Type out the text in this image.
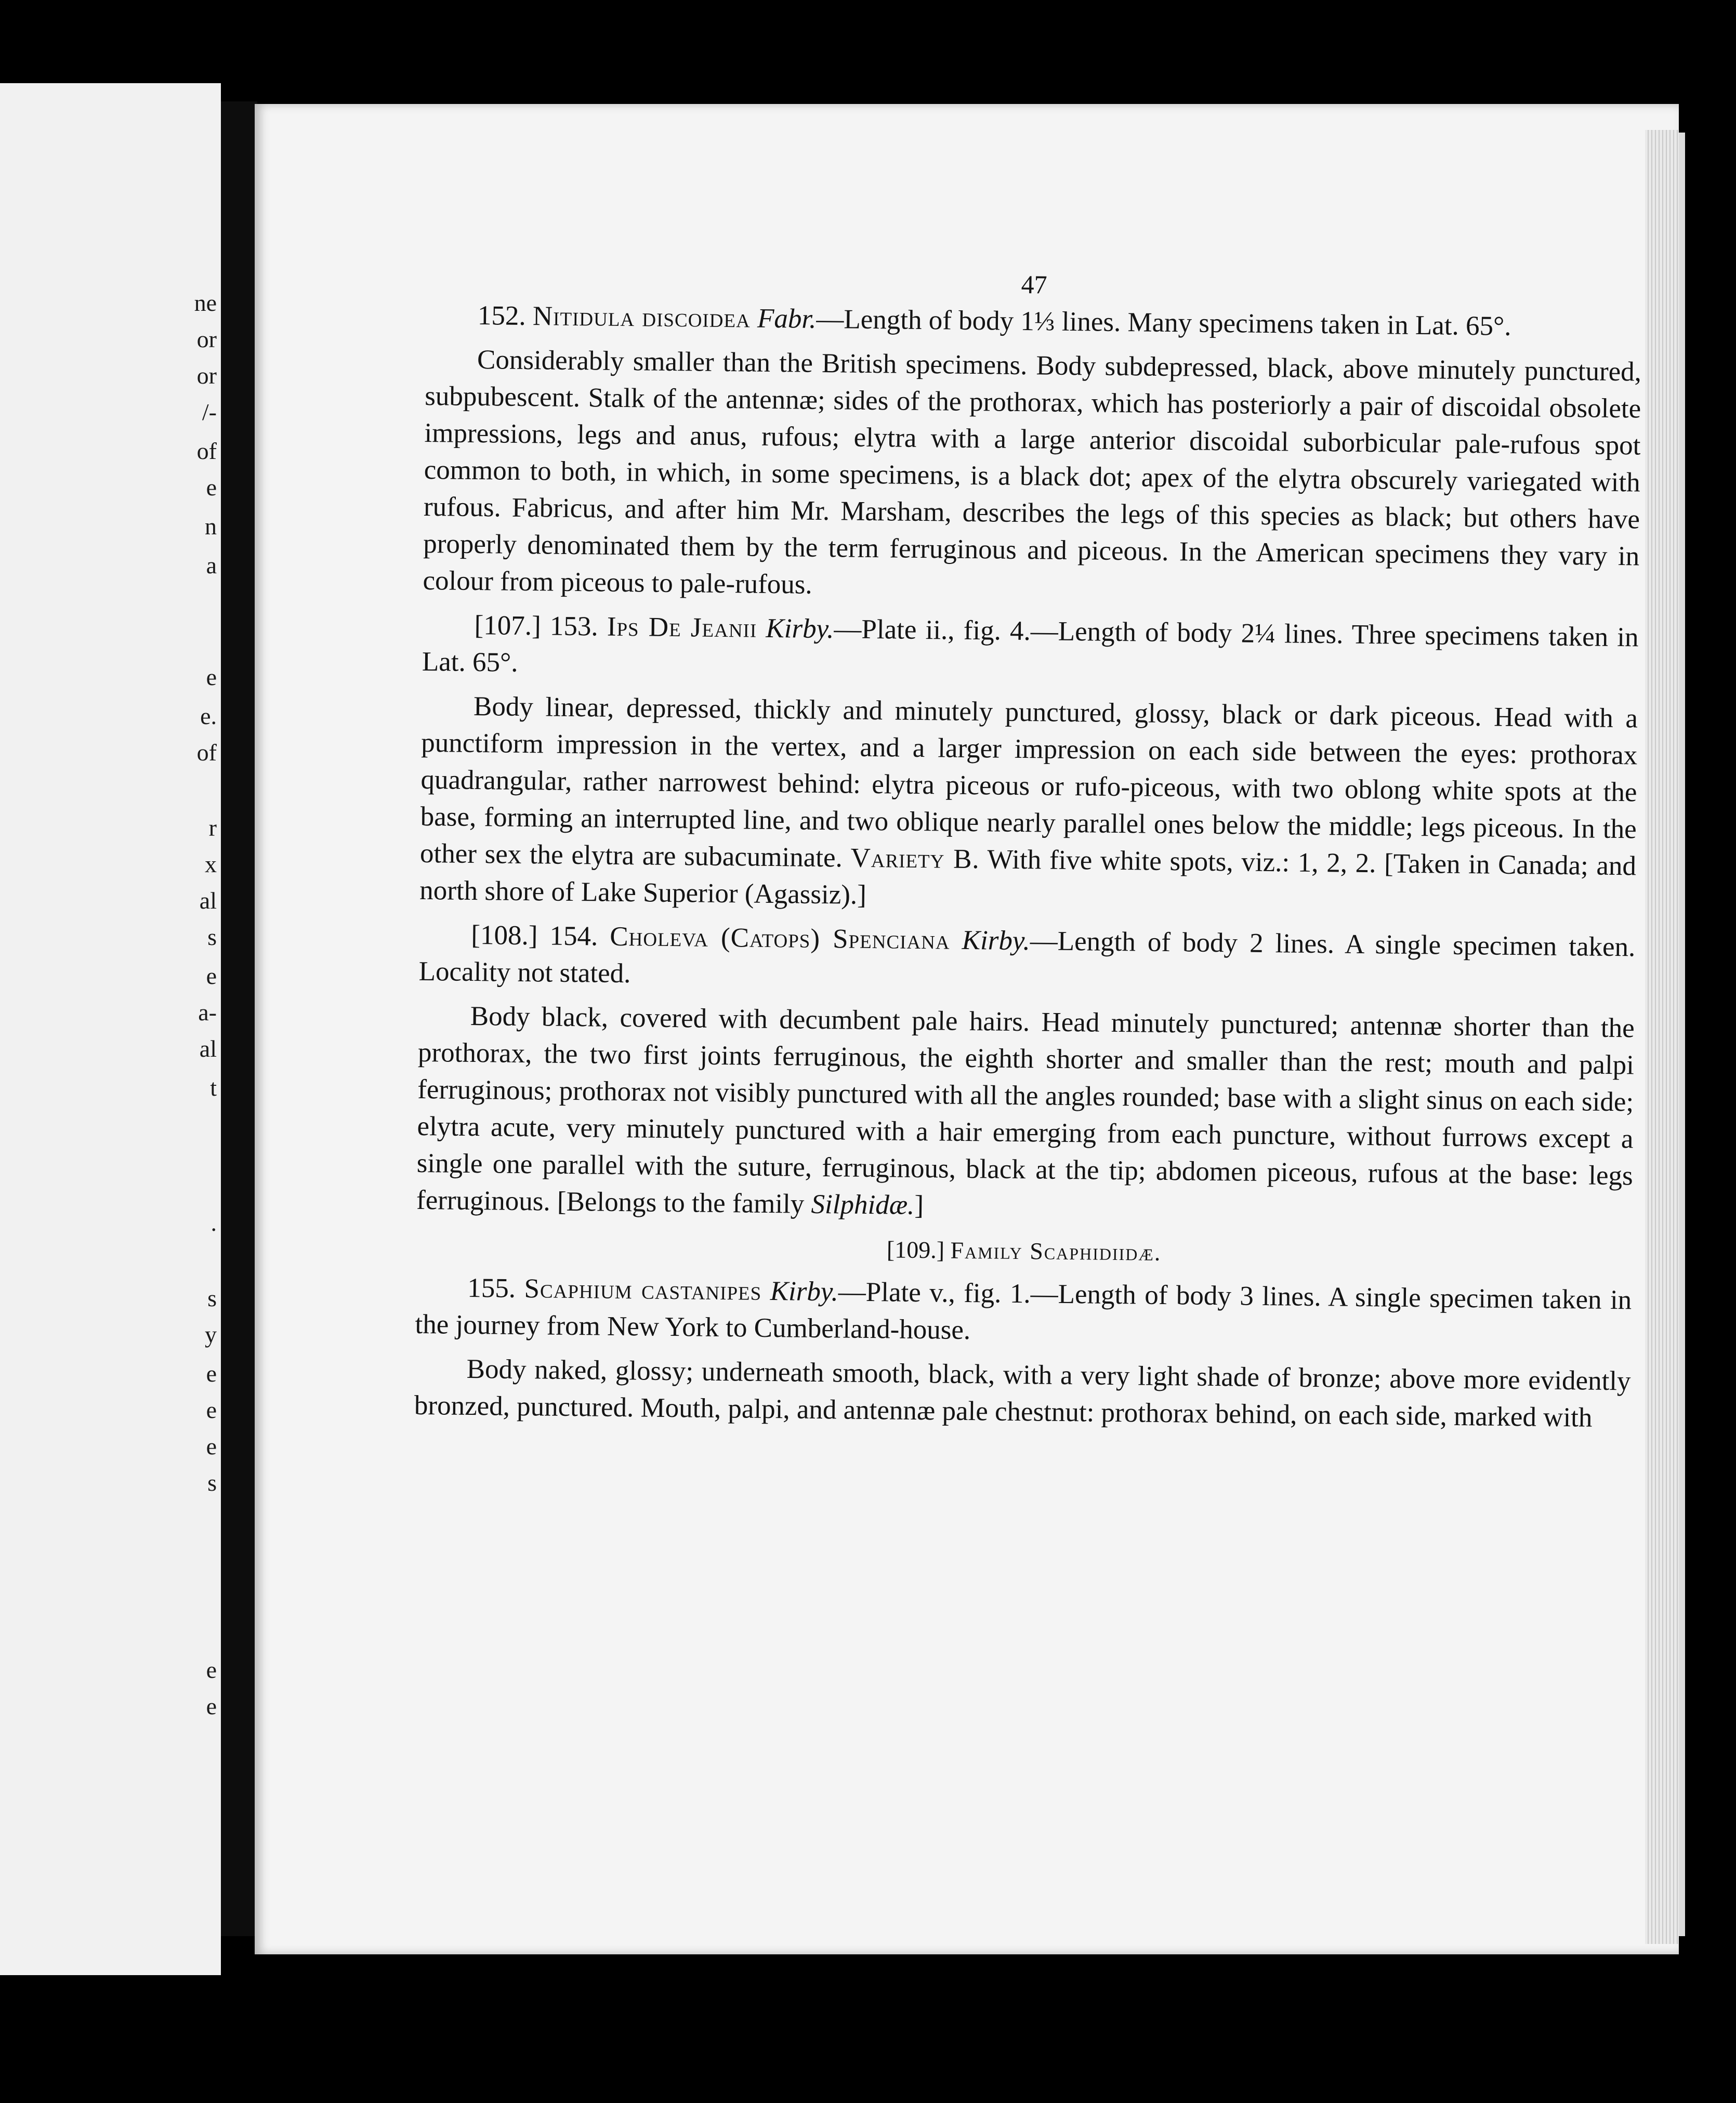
ne
or
or
/-
of
e
n
a
e
e.
of
r
x
al
s
e
a-
al
t
.
s
y
e
e
e
s
e
e
47

152. Nitidula discoidea Fabr.—Length of body 1⅓ lines. Many specimens taken in Lat. 65°.

Considerably smaller than the British specimens. Body subdepressed, black, above minutely punctured, subpubescent. Stalk of the antennæ; sides of the prothorax, which has posteriorly a pair of discoidal obsolete impressions, legs and anus, rufous; elytra with a large anterior discoidal suborbicular pale-rufous spot common to both, in which, in some specimens, is a black dot; apex of the elytra obscurely variegated with rufous. Fabricus, and after him Mr. Marsham, describes the legs of this species as black; but others have properly denominated them by the term ferruginous and piceous. In the American specimens they vary in colour from piceous to pale-rufous.

[107.] 153. Ips De Jeanii Kirby.—Plate ii., fig. 4.—Length of body 2¼ lines. Three specimens taken in Lat. 65°.

Body linear, depressed, thickly and minutely punctured, glossy, black or dark piceous. Head with a punctiform impression in the vertex, and a larger impression on each side between the eyes: prothorax quadrangular, rather narrowest behind: elytra piceous or rufo-piceous, with two oblong white spots at the base, forming an interrupted line, and two oblique nearly parallel ones below the middle; legs piceous. In the other sex the elytra are subacuminate. Variety B. With five white spots, viz.: 1, 2, 2. [Taken in Canada; and north shore of Lake Superior (Agassiz).]

[108.] 154. Choleva (Catops) Spenciana Kirby.—Length of body 2 lines. A single specimen taken. Locality not stated.

Body black, covered with decumbent pale hairs. Head minutely punctured; antennæ shorter than the prothorax, the two first joints ferruginous, the eighth shorter and smaller than the rest; mouth and palpi ferruginous; prothorax not visibly punctured with all the angles rounded; base with a slight sinus on each side; elytra acute, very minutely punctured with a hair emerging from each puncture, without furrows except a single one parallel with the suture, ferruginous, black at the tip; abdomen piceous, rufous at the base: legs ferruginous. [Belongs to the family Silphidæ.]

[109.] Family Scaphidiidæ.

155. Scaphium castanipes Kirby.—Plate v., fig. 1.—Length of body 3 lines. A single specimen taken in the journey from New York to Cumberland-house.

Body naked, glossy; underneath smooth, black, with a very light shade of bronze; above more evidently bronzed, punctured. Mouth, palpi, and antennæ pale chestnut: prothorax behind, on each side, marked with
